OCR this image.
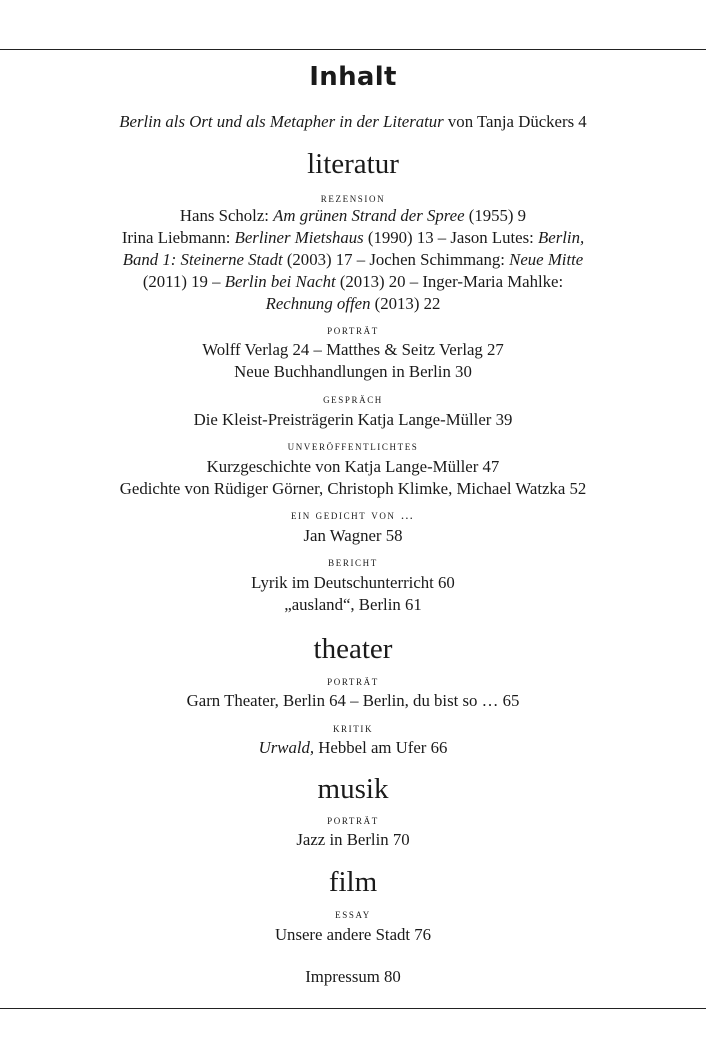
Inhalt
Berlin als Ort und als Metapher in der Literatur von Tanja Dückers 4
literatur
rezension
Hans Scholz: Am grünen Strand der Spree (1955) 9
Irina Liebmann: Berliner Mietshaus (1990) 13 – Jason Lutes: Berlin,
Band 1: Steinerne Stadt (2003) 17 – Jochen Schimmang: Neue Mitte
(2011) 19 – Berlin bei Nacht (2013) 20 – Inger-Maria Mahlke:
Rechnung offen (2013) 22
porträt
Wolff Verlag 24 – Matthes & Seitz Verlag 27
Neue Buchhandlungen in Berlin 30
gespräch
Die Kleist-Preisträgerin Katja Lange-Müller 39
unveröffentlichtes
Kurzgeschichte von Katja Lange-Müller 47
Gedichte von Rüdiger Görner, Christoph Klimke, Michael Watzka 52
ein gedicht von …
Jan Wagner 58
bericht
Lyrik im Deutschunterricht 60
„ausland“, Berlin 61
theater
porträt
Garn Theater, Berlin 64 – Berlin, du bist so … 65
kritik
Urwald, Hebbel am Ufer 66
musik
porträt
Jazz in Berlin 70
film
essay
Unsere andere Stadt 76
Impressum 80
